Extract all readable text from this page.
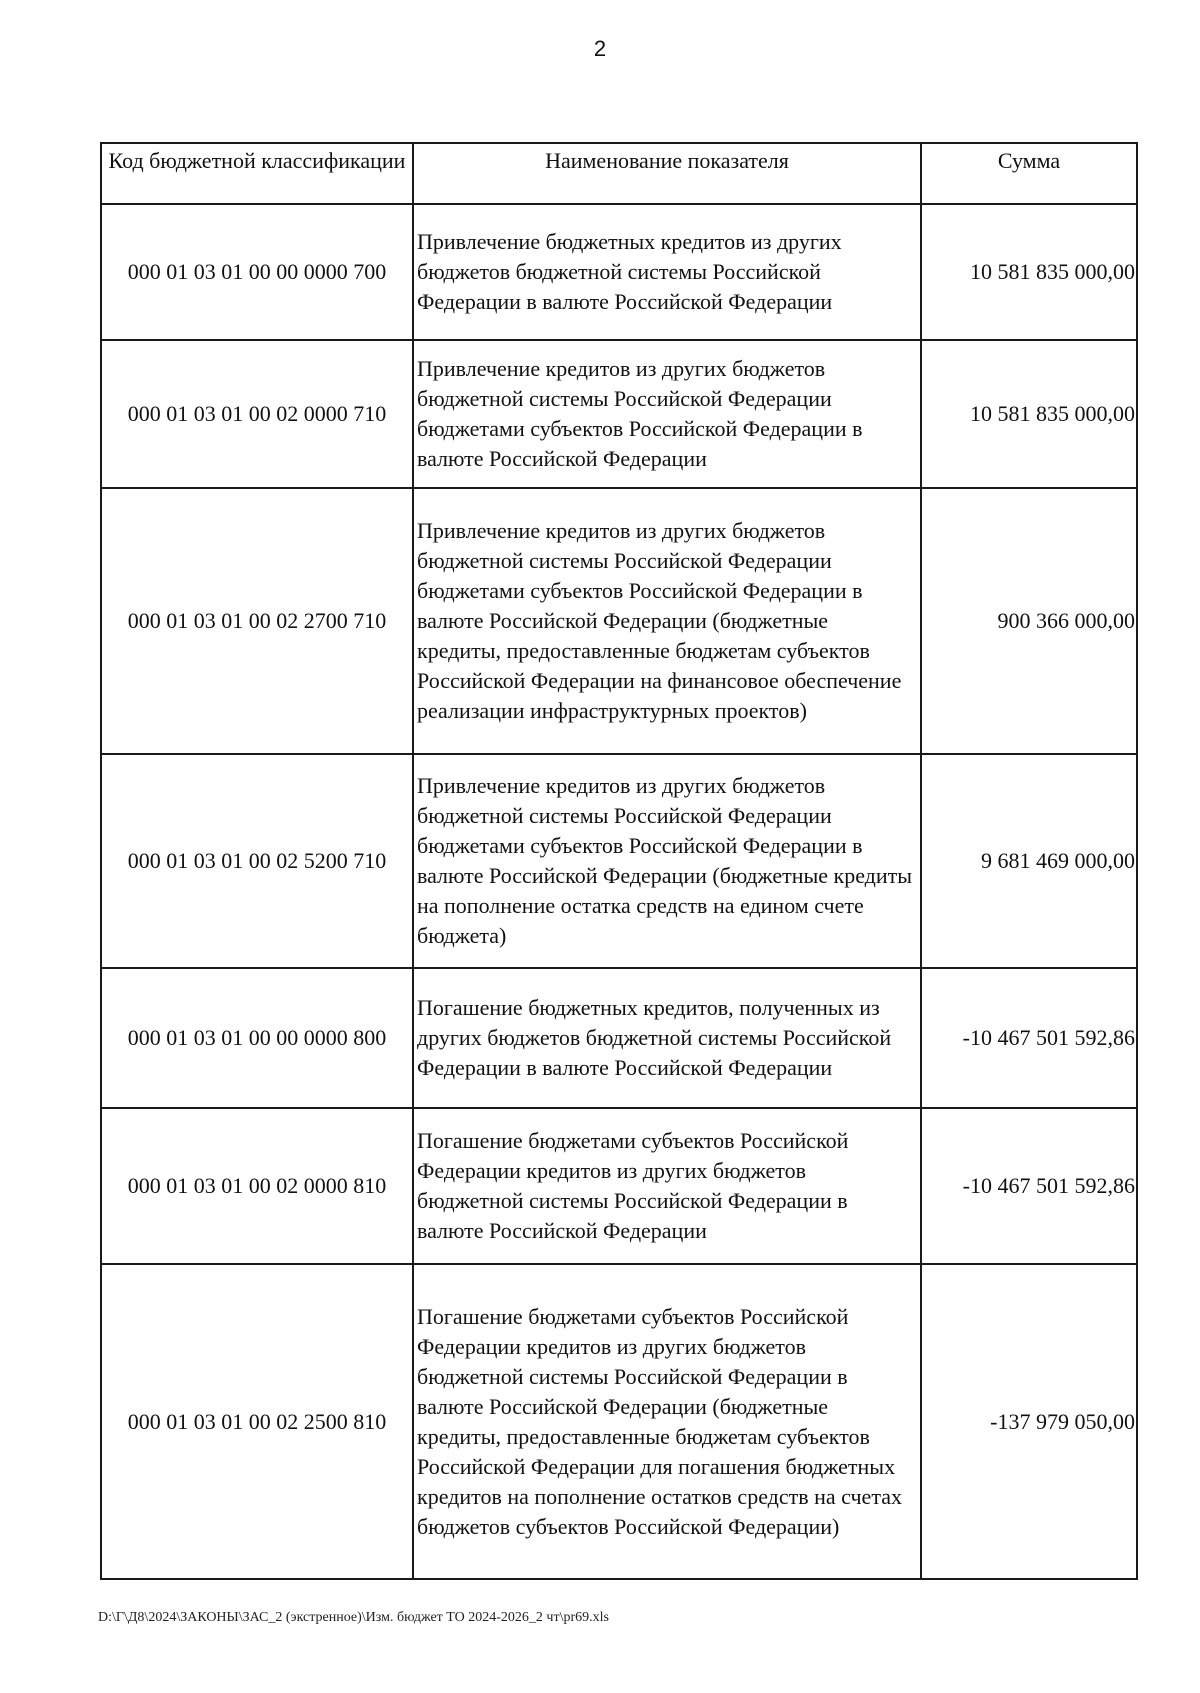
2
Код бюджетной классификации	Наименование показателя	Сумма
000 01 03 01 00 00 0000 700	Привлечение бюджетных кредитов из других бюджетов бюджетной системы Российской Федерации в валюте Российской Федерации	10 581 835 000,00
000 01 03 01 00 02 0000 710	Привлечение кредитов из других бюджетов бюджетной системы Российской Федерации бюджетами субъектов Российской Федерации в валюте Российской Федерации	10 581 835 000,00
000 01 03 01 00 02 2700 710	Привлечение кредитов из других бюджетов бюджетной системы Российской Федерации бюджетами субъектов Российской Федерации в валюте Российской Федерации (бюджетные кредиты, предоставленные бюджетам субъектов Российской Федерации на финансовое обеспечение реализации инфраструктурных проектов)	900 366 000,00
000 01 03 01 00 02 5200 710	Привлечение кредитов из других бюджетов бюджетной системы Российской Федерации бюджетами субъектов Российской Федерации в валюте Российской Федерации (бюджетные кредиты на пополнение остатка средств на едином счете бюджета)	9 681 469 000,00
000 01 03 01 00 00 0000 800	Погашение бюджетных кредитов, полученных из других бюджетов бюджетной системы Российской Федерации в валюте Российской Федерации	-10 467 501 592,86
000 01 03 01 00 02 0000 810	Погашение бюджетами субъектов Российской Федерации кредитов из других бюджетов бюджетной системы Российской Федерации в валюте Российской Федерации	-10 467 501 592,86
000 01 03 01 00 02 2500 810	Погашение бюджетами субъектов Российской Федерации кредитов из других бюджетов бюджетной системы Российской Федерации в валюте Российской Федерации (бюджетные кредиты, предоставленные бюджетам субъектов Российской Федерации для погашения бюджетных кредитов на пополнение остатков средств на счетах бюджетов субъектов Российской Федерации)	-137 979 050,00
D:\Г\Д8\2024\ЗАКОНЫ\ЗАС_2 (экстренное)\Изм. бюджет ТО 2024-2026_2 чт\pr69.xls
